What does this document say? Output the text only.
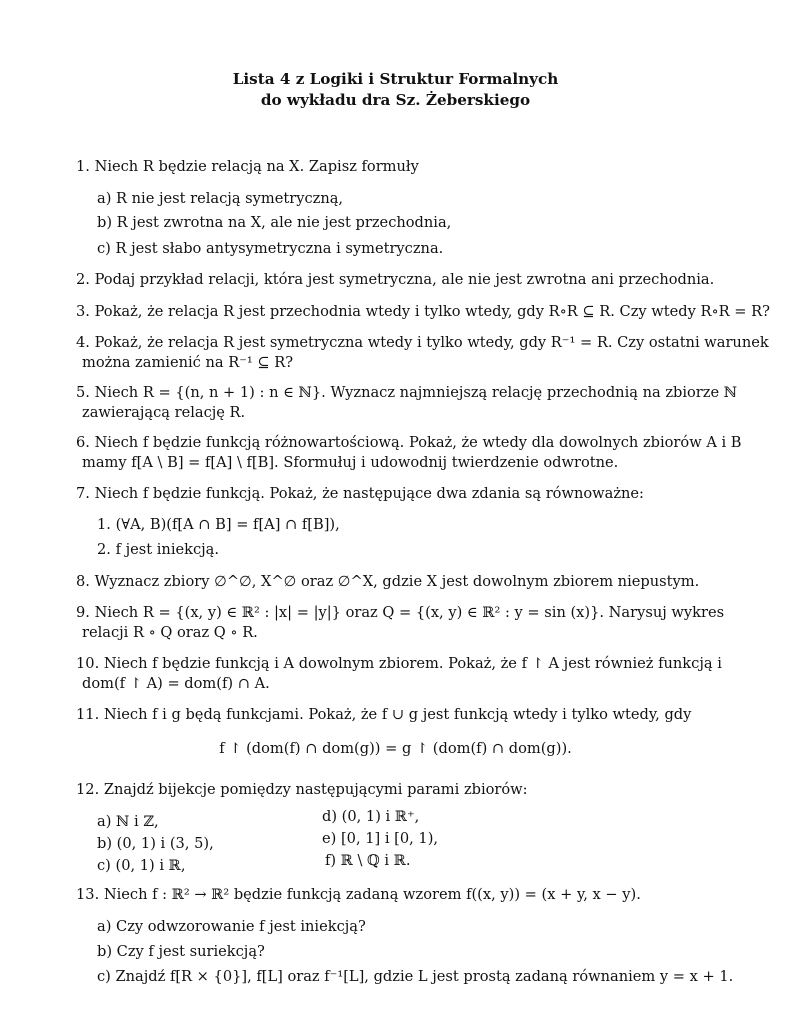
Lista 4 z Logiki i Struktur Formalnych
do wykładu dra Sz. Żeberskiego
1. Niech R będzie relacją na X. Zapisz formuły
a) R nie jest relacją symetryczną,
b) R jest zwrotna na X, ale nie jest przechodnia,
c) R jest słabo antysymetryczna i symetryczna.
2. Podaj przykład relacji, która jest symetryczna, ale nie jest zwrotna ani przechodnia.
3. Pokaż, że relacja R jest przechodnia wtedy i tylko wtedy, gdy R∘R ⊆ R. Czy wtedy R∘R = R?
4. Pokaż, że relacja R jest symetryczna wtedy i tylko wtedy, gdy R⁻¹ = R. Czy ostatni warunek
można zamienić na R⁻¹ ⊆ R?
5. Niech R = {(n, n + 1) : n ∈ ℕ}. Wyznacz najmniejszą relację przechodnią na zbiorze ℕ
zawierającą relację R.
6. Niech f będzie funkcją różnowartościową. Pokaż, że wtedy dla dowolnych zbiorów A i B
mamy f[A \ B] = f[A] \ f[B]. Sformułuj i udowodnij twierdzenie odwrotne.
7. Niech f będzie funkcją. Pokaż, że następujące dwa zdania są równoważne:
1. (∀A, B)(f[A ∩ B] = f[A] ∩ f[B]),
2. f jest iniekcją.
8. Wyznacz zbiory ∅^∅, X^∅ oraz ∅^X, gdzie X jest dowolnym zbiorem niepustym.
9. Niech R = {(x, y) ∈ ℝ² : |x| = |y|} oraz Q = {(x, y) ∈ ℝ² : y = sin (x)}. Narysuj wykres
relacji R ∘ Q oraz Q ∘ R.
10. Niech f będzie funkcją i A dowolnym zbiorem. Pokaż, że f ↾ A jest również funkcją i
dom(f ↾ A) = dom(f) ∩ A.
11. Niech f i g będą funkcjami. Pokaż, że f ∪ g jest funkcją wtedy i tylko wtedy, gdy
f ↾ (dom(f) ∩ dom(g)) = g ↾ (dom(f) ∩ dom(g)).
12. Znajdź bijekcje pomiędzy następującymi parami zbiorów:
a) ℕ i ℤ,
b) (0, 1) i (3, 5),
c) (0, 1) i ℝ,
d) (0, 1) i ℝ⁺,
e) [0, 1] i [0, 1),
f) ℝ \ ℚ i ℝ.
13. Niech f : ℝ² → ℝ² będzie funkcją zadaną wzorem f((x, y)) = (x + y, x − y).
a) Czy odwzorowanie f jest iniekcją?
b) Czy f jest suriekcją?
c) Znajdź f[R × {0}], f[L] oraz f⁻¹[L], gdzie L jest prostą zadaną równaniem y = x + 1.
